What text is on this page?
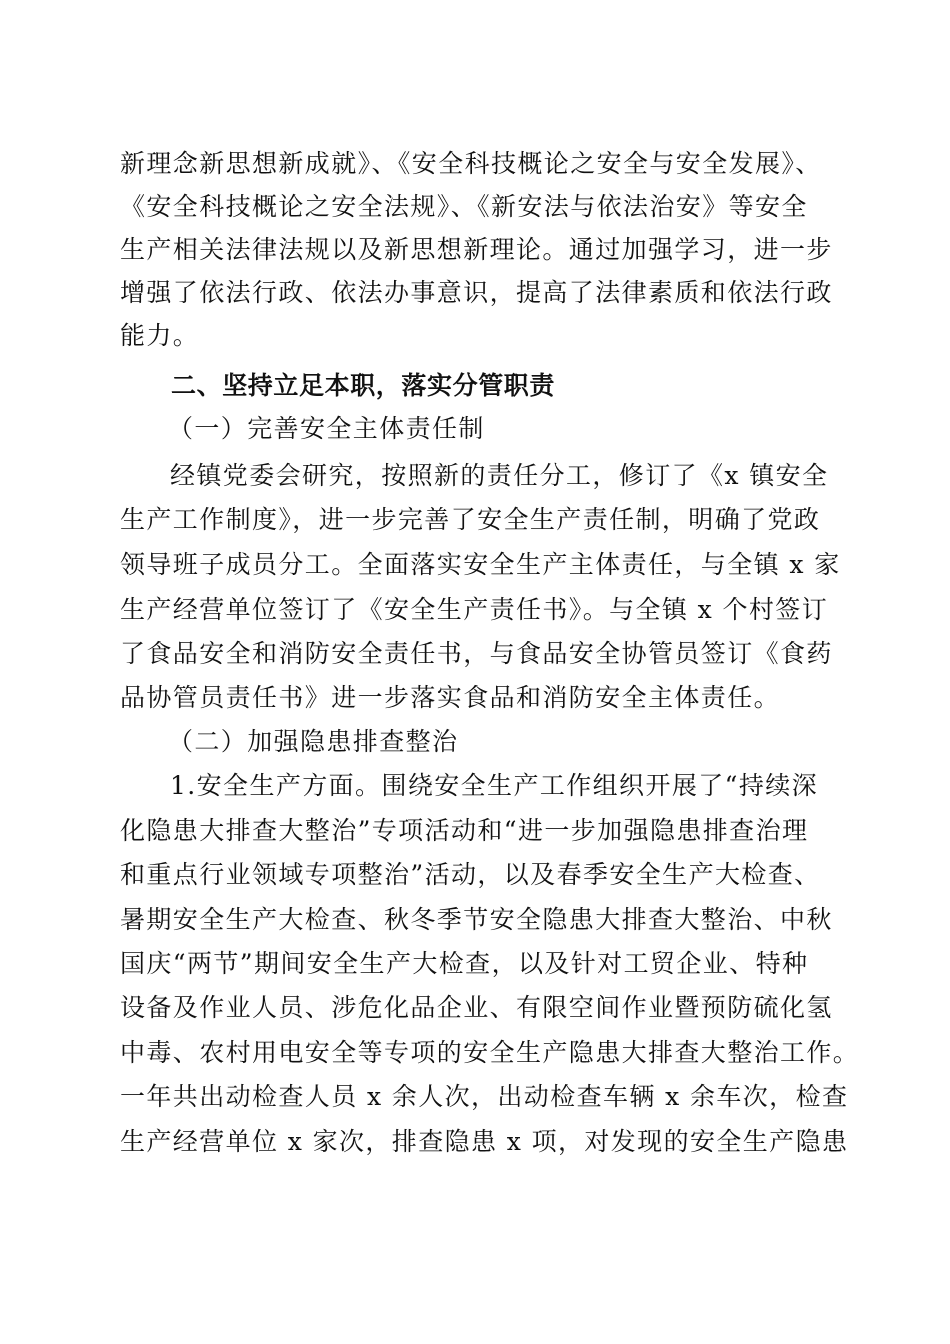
新理念新思想新成就》、《安全科技概论之安全与安全发展》、
《安全科技概论之安全法规》、《新安法与依法治安》等安全
生产相关法律法规以及新思想新理论。通过加强学习，进一步
增强了依法行政、依法办事意识，提高了法律素质和依法行政
能力。
二、坚持立足本职，落实分管职责
（一）完善安全主体责任制
经镇党委会研究，按照新的责任分工，修订了《x 镇安全
生产工作制度》，进一步完善了安全生产责任制，明确了党政
领导班子成员分工。全面落实安全生产主体责任，与全镇 x 家
生产经营单位签订了《安全生产责任书》。与全镇 x 个村签订
了食品安全和消防安全责任书，与食品安全协管员签订《食药
品协管员责任书》进一步落实食品和消防安全主体责任。
（二）加强隐患排查整治
1.安全生产方面。围绕安全生产工作组织开展了“持续深
化隐患大排查大整治”专项活动和“进一步加强隐患排查治理
和重点行业领域专项整治”活动，以及春季安全生产大检查、
暑期安全生产大检查、秋冬季节安全隐患大排查大整治、中秋
国庆“两节”期间安全生产大检查，以及针对工贸企业、特种
设备及作业人员、涉危化品企业、有限空间作业暨预防硫化氢
中毒、农村用电安全等专项的安全生产隐患大排查大整治工作。
一年共出动检查人员 x 余人次，出动检查车辆 x 余车次，检查
生产经营单位 x 家次，排查隐患 x 项，对发现的安全生产隐患
